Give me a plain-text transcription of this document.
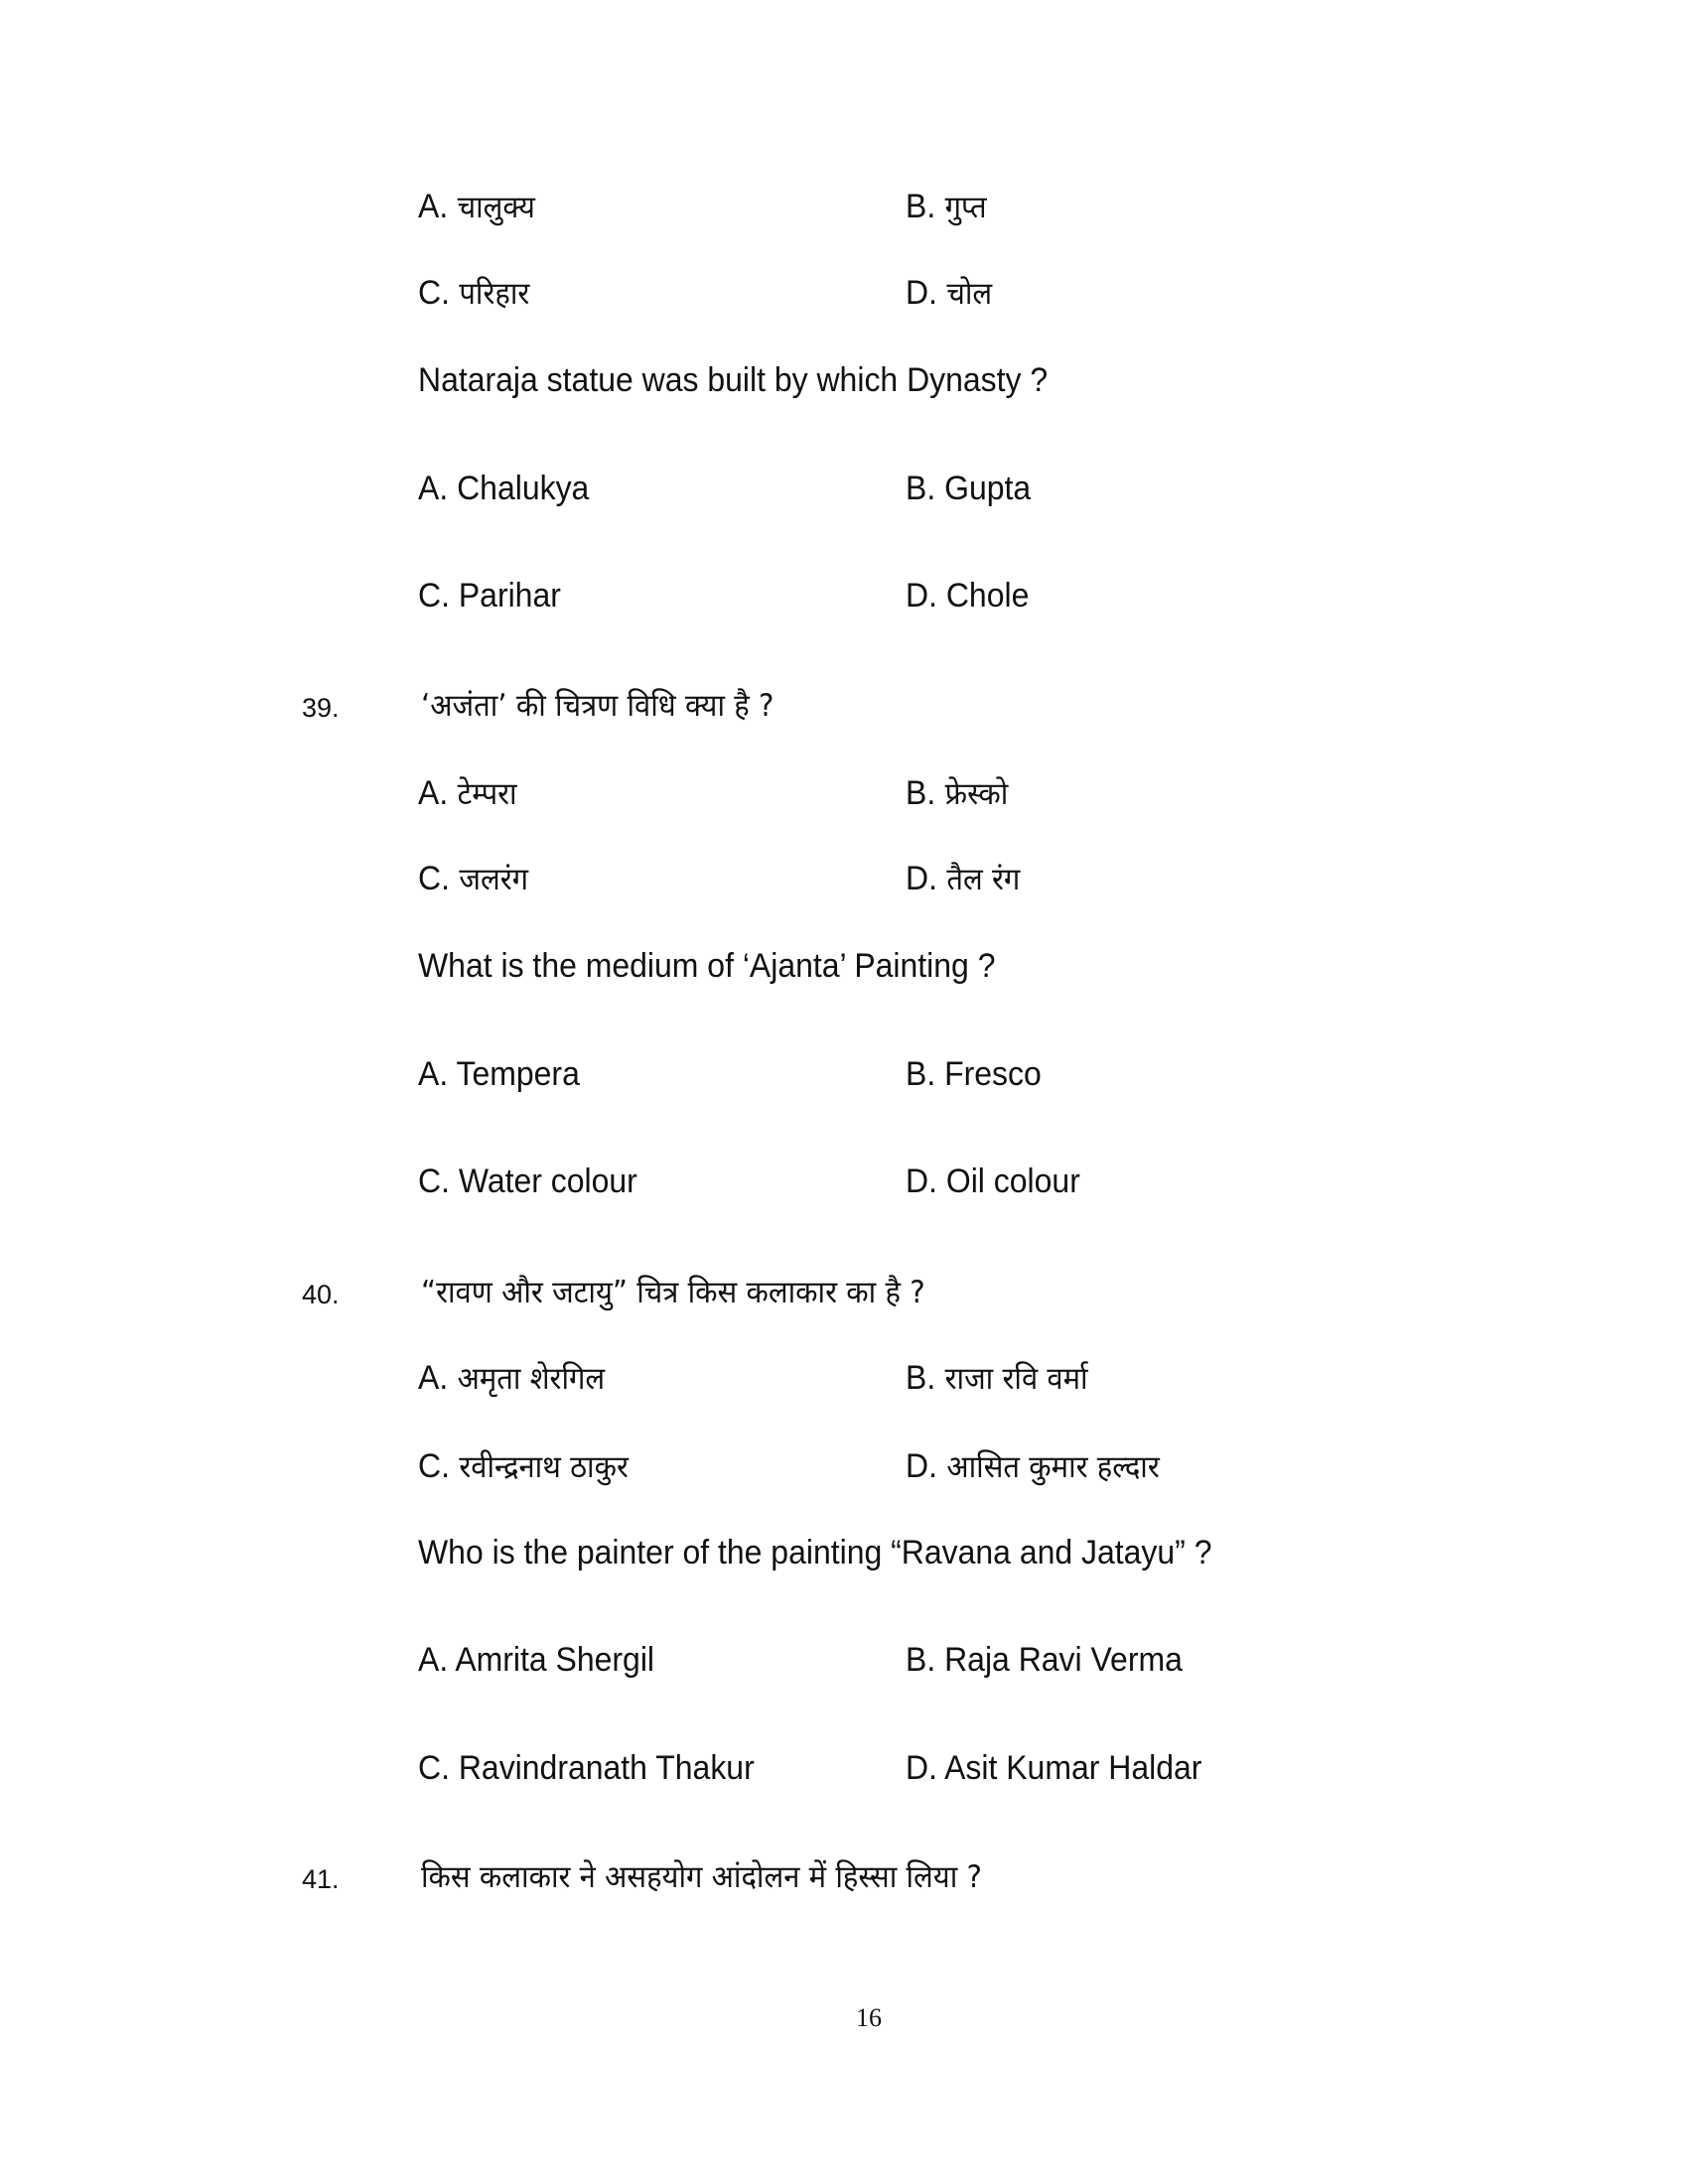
A. चालुक्य	B. गुप्त
C. परिहार	D. चोल
Nataraja statue was built by which Dynasty ?
A. Chalukya	B. Gupta
C. Parihar	D. Chole
39.	‘अजंता’ की चित्रण विधि क्या है ?
A. टेम्परा	B. फ्रेस्को
C. जलरंग	D. तैल रंग
What is the medium of ‘Ajanta’ Painting ?
A. Tempera	B. Fresco
C. Water colour	D. Oil colour
40.	“रावण और जटायु” चित्र किस कलाकार का है ?
A. अमृता शेरगिल	B. राजा रवि वर्मा
C. रवीन्द्रनाथ ठाकुर	D. आसित कुमार हल्दार
Who is the painter of the painting “Ravana and Jatayu” ?
A. Amrita Shergil	B. Raja Ravi Verma
C. Ravindranath Thakur	D. Asit Kumar Haldar
41.	किस कलाकार ने असहयोग आंदोलन में हिस्सा लिया ?
16
